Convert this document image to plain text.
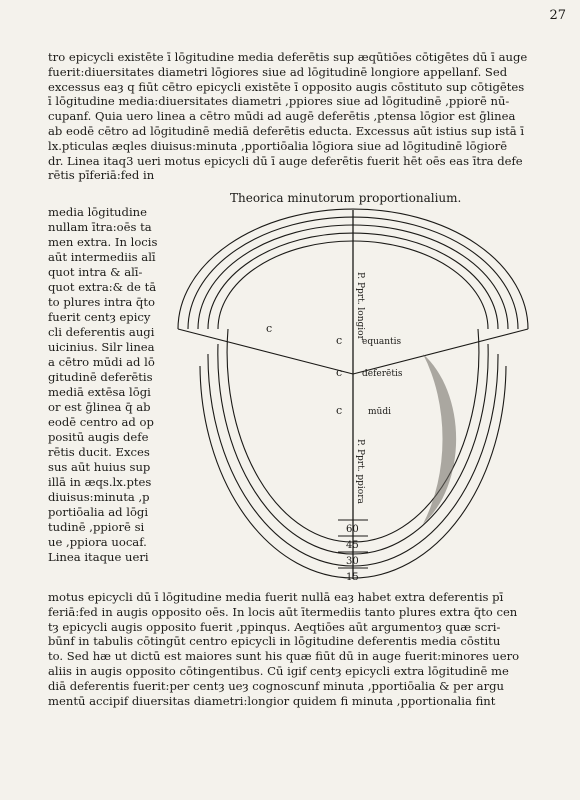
27
tro epicycli existēte ī lōgitudine media deferētis sup æqūtiōes cōtigētes dū ī auge
fuerit:diuersitates diametri lōgiores siue ad lōgitudinē longiore appellanf. Sed
excessus eaȝ q fiūt cētro epicycli existēte ī opposito augis cōstituto sup cōtigētes
ī lōgitudine media:diuersitates diametri ,ppiores siue ad lōgitudinē ,ppiorē nū-
cupanf. Quia uero linea a cētro mūdi ad augē deferētis ,ptensa lōgior est ḡlinea
ab eodē cētro ad lōgitudinē mediā deferētis educta. Excessus aūt istius sup istā ī
lx.pticulas æqles diuisus:minuta ,pportiōalia lōgiora siue ad lōgitudinē lōgiorē
dr. Linea itaq3 ueri motus epicycli dū ī auge deferētis fuerit hēt oēs eas ītra defe
rētis pīferiā:fed in
Theorica minutorum proportionalium.
media lōgitudine
nullam ītra:oēs ta
men extra. In locis
aūt intermediis alī
quot intra & alī-
quot extra:& de tā
to plures intra q̄to
fuerit centȝ epicy
cli deferentis augi
uicinius. Silr linea
a cētro mūdi ad lō
gitudinē deferētis
mediā extēsa lōgi
or est ḡlinea q̄ ab
eodē centro ad op
positū augis defe
rētis ducit. Exces
sus aūt huius sup
illā in æqs.lx.ptes
diuisus:minuta ,p
portiōalia ad lōgi
tudinē ,ppiorē si
ue ,ppiora uocaf.
Linea itaque ueri
P. Pprt. longior
P. Pprt. ppiora
c equantis
c deferētis
c	mūdi
c
60
45
30
15
motus epicycli dū ī lōgitudine media fuerit nullā eaȝ habet extra deferentis pī
feriā:fed in augis opposito oēs. In locis aūt ītermediis tanto plures extra q̄to cen
tȝ epicycli augis opposito fuerit ,ppinqus. Aeqtiōes aūt argumentoȝ quæ scri-
būnf in tabulis cōtingūt centro epicycli in lōgitudine deferentis media cōstitu
to. Sed hæ ut dictū est maiores sunt his quæ fiūt dū in auge fuerit:minores uero
aliis in augis opposito cōtingentibus. Cū igif centȝ epicycli extra lōgitudinē me
diā deferentis fuerit:per centȝ ueȝ cognoscunf minuta ,pportiōalia & per argu
mentū accipif diuersitas diametri:longior quidem fi minuta ,pportionalia fint
